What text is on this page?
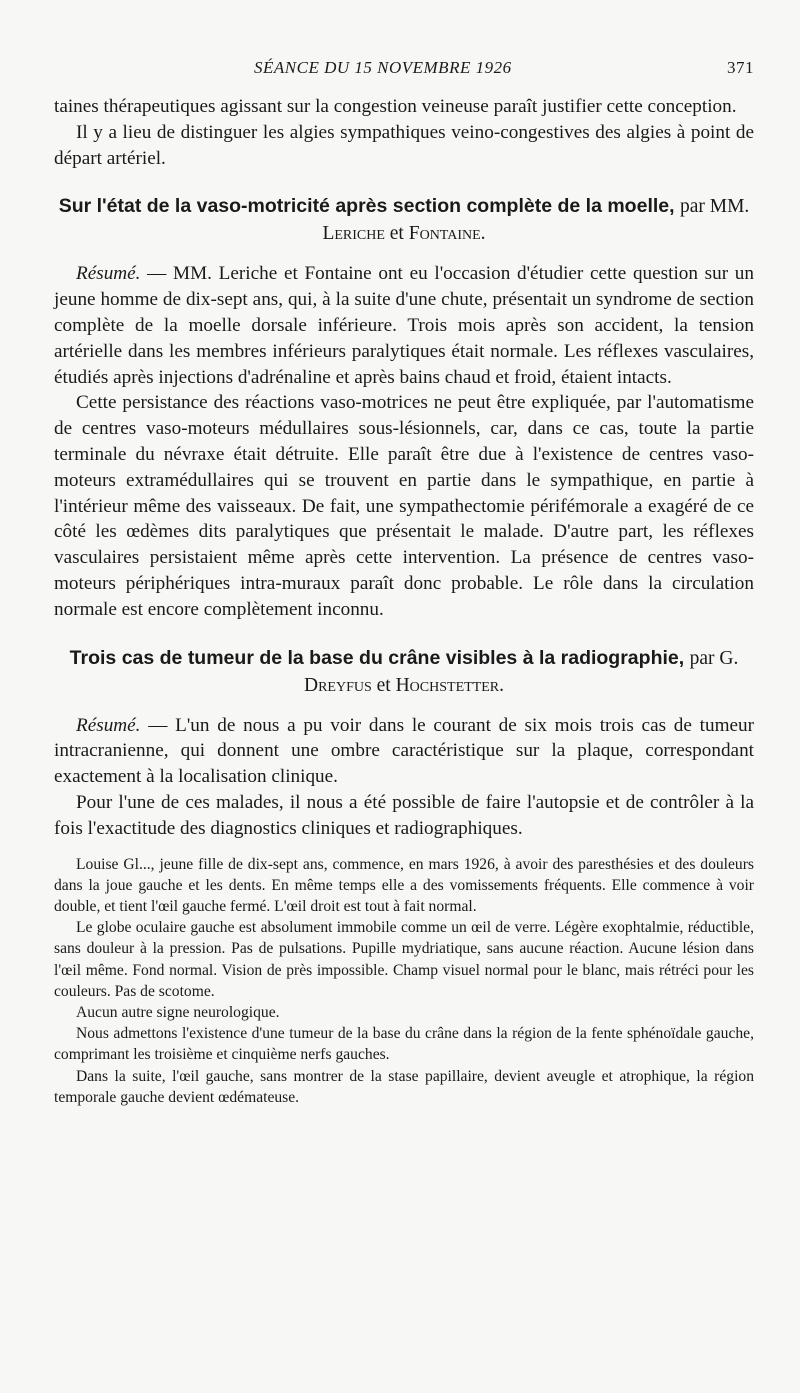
SÉANCE DU 15 NOVEMBRE 1926	371

taines thérapeutiques agissant sur la congestion veineuse paraît justifier cette conception.

Il y a lieu de distinguer les algies sympathiques veino-congestives des algies à point de départ artériel.

Sur l'état de la vaso-motricité après section complète de la moelle, par MM. Leriche et Fontaine.

Résumé. — MM. Leriche et Fontaine ont eu l'occasion d'étudier cette question sur un jeune homme de dix-sept ans, qui, à la suite d'une chute, présentait un syndrome de section complète de la moelle dorsale inférieure. Trois mois après son accident, la tension artérielle dans les membres inférieurs paralytiques était normale. Les réflexes vasculaires, étudiés après injections d'adrénaline et après bains chaud et froid, étaient intacts.

Cette persistance des réactions vaso-motrices ne peut être expliquée, par l'automatisme de centres vaso-moteurs médullaires sous-lésionnels, car, dans ce cas, toute la partie terminale du névraxe était détruite. Elle paraît être due à l'existence de centres vaso-moteurs extramédullaires qui se trouvent en partie dans le sympathique, en partie à l'intérieur même des vaisseaux. De fait, une sympathectomie périfémorale a exagéré de ce côté les œdèmes dits paralytiques que présentait le malade. D'autre part, les réflexes vasculaires persistaient même après cette intervention. La présence de centres vaso-moteurs périphériques intra-muraux paraît donc probable. Le rôle dans la circulation normale est encore complètement inconnu.

Trois cas de tumeur de la base du crâne visibles à la radiographie, par G. Dreyfus et Hochstetter.

Résumé. — L'un de nous a pu voir dans le courant de six mois trois cas de tumeur intracranienne, qui donnent une ombre caractéristique sur la plaque, correspondant exactement à la localisation clinique.

Pour l'une de ces malades, il nous a été possible de faire l'autopsie et de contrôler à la fois l'exactitude des diagnostics cliniques et radiographiques.

Louise Gl..., jeune fille de dix-sept ans, commence, en mars 1926, à avoir des paresthésies et des douleurs dans la joue gauche et les dents. En même temps elle a des vomissements fréquents. Elle commence à voir double, et tient l'œil gauche fermé. L'œil droit est tout à fait normal.

Le globe oculaire gauche est absolument immobile comme un œil de verre. Légère exophtalmie, réductible, sans douleur à la pression. Pas de pulsations. Pupille mydriatique, sans aucune réaction. Aucune lésion dans l'œil même. Fond normal. Vision de près impossible. Champ visuel normal pour le blanc, mais rétréci pour les couleurs. Pas de scotome.

Aucun autre signe neurologique.

Nous admettons l'existence d'une tumeur de la base du crâne dans la région de la fente sphénoïdale gauche, comprimant les troisième et cinquième nerfs gauches.

Dans la suite, l'œil gauche, sans montrer de la stase papillaire, devient aveugle et atrophique, la région temporale gauche devient œdémateuse.
